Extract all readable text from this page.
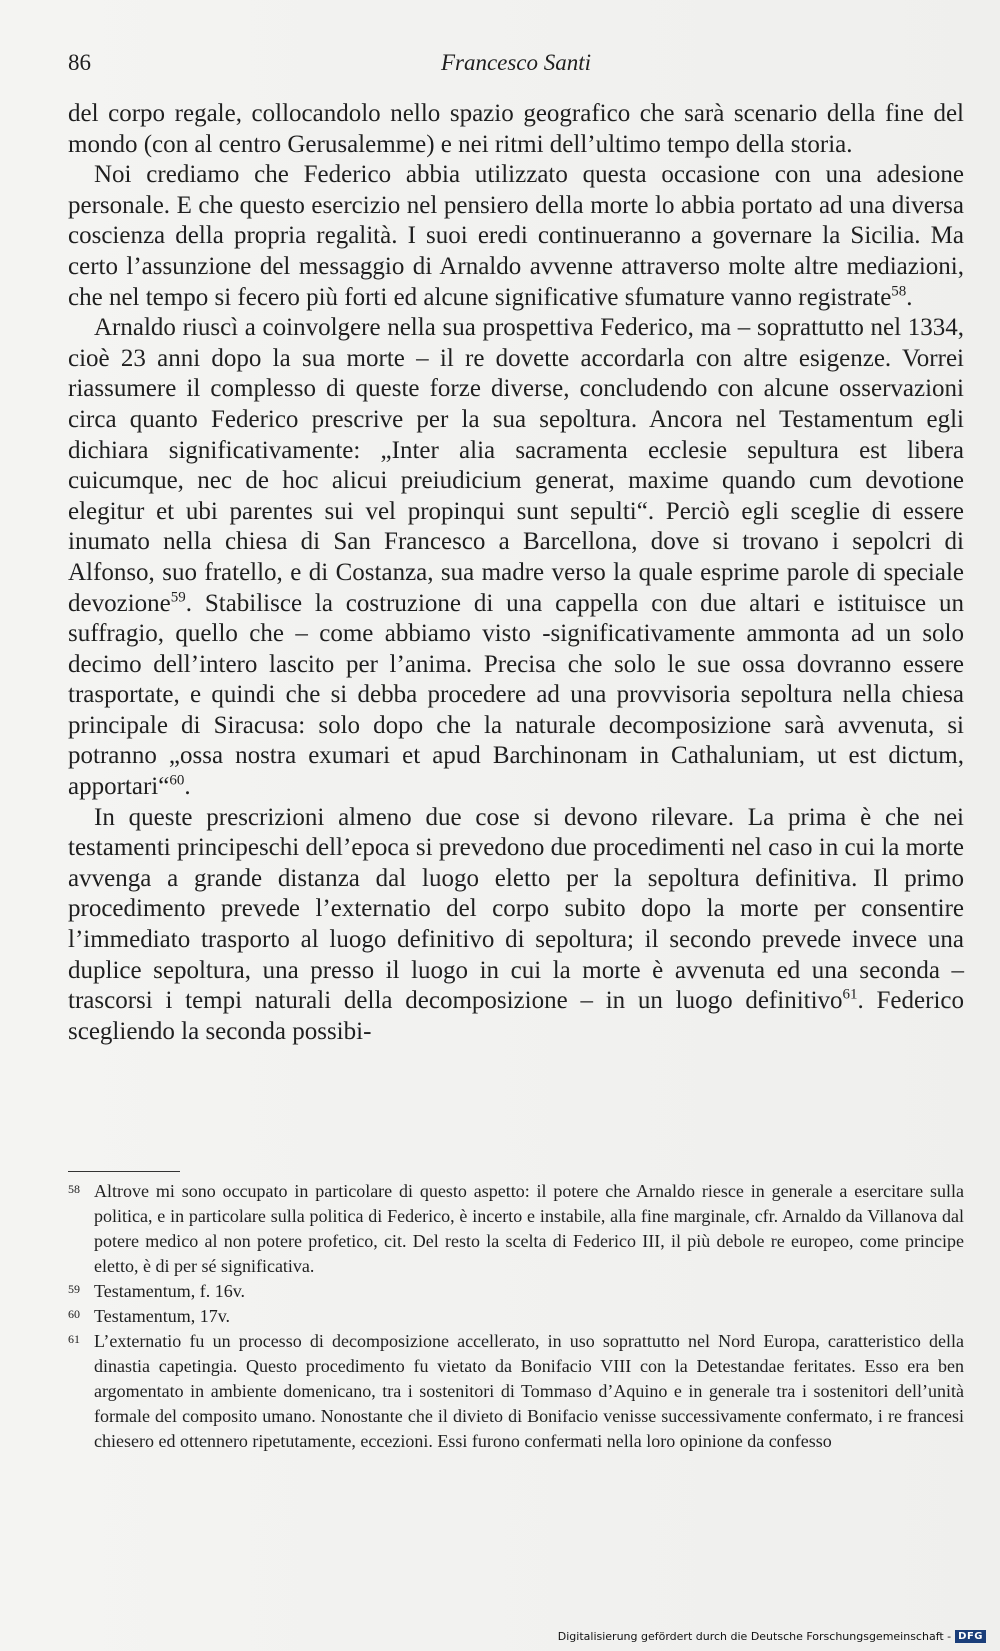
86	Francesco Santi

del corpo regale, collocandolo nello spazio geografico che sarà scenario della fine del mondo (con al centro Gerusalemme) e nei ritmi dell’ultimo tempo della storia.

Noi crediamo che Federico abbia utilizzato questa occasione con una adesione personale. E che questo esercizio nel pensiero della morte lo abbia portato ad una diversa coscienza della propria regalità. I suoi eredi continueranno a governare la Sicilia. Ma certo l’assunzione del messaggio di Arnaldo avvenne attraverso molte altre mediazioni, che nel tempo si fecero più forti ed alcune significative sfumature vanno registrate$^{58}$.

Arnaldo riuscì a coinvolgere nella sua prospettiva Federico, ma – soprattutto nel 1334, cioè 23 anni dopo la sua morte – il re dovette accordarla con altre esigenze. Vorrei riassumere il complesso di queste forze diverse, concludendo con alcune osservazioni circa quanto Federico prescrive per la sua sepoltura. Ancora nel Testamentum egli dichiara significativamente: „Inter alia sacramenta ecclesie sepultura est libera cuicumque, nec de hoc alicui preiudicium generat, maxime quando cum devotione elegitur et ubi parentes sui vel propinqui sunt sepulti“. Perciò egli sceglie di essere inumato nella chiesa di San Francesco a Barcellona, dove si trovano i sepolcri di Alfonso, suo fratello, e di Costanza, sua madre verso la quale esprime parole di speciale devozione$^{59}$. Stabilisce la costruzione di una cappella con due altari e istituisce un suffragio, quello che – come abbiamo visto -significativamente ammonta ad un solo decimo dell’intero lascito per l’anima. Precisa che solo le sue ossa dovranno essere trasportate, e quindi che si debba procedere ad una provvisoria sepoltura nella chiesa principale di Siracusa: solo dopo che la naturale decomposizione sarà avvenuta, si potranno „ossa nostra exumari et apud Barchinonam in Cathaluniam, ut est dictum, apportari“$^{60}$.

In queste prescrizioni almeno due cose si devono rilevare. La prima è che nei testamenti principeschi dell’epoca si prevedono due procedimenti nel caso in cui la morte avvenga a grande distanza dal luogo eletto per la sepoltura definitiva. Il primo procedimento prevede l’externatio del corpo subito dopo la morte per consentire l’immediato trasporto al luogo definitivo di sepoltura; il secondo prevede invece una duplice sepoltura, una presso il luogo in cui la morte è avvenuta ed una seconda – trascorsi i tempi naturali della decomposizione – in un luogo definitivo$^{61}$. Federico scegliendo la seconda possibi-

58 Altrove mi sono occupato in particolare di questo aspetto: il potere che Arnaldo riesce in generale a esercitare sulla politica, e in particolare sulla politica di Federico, è incerto e instabile, alla fine marginale, cfr. Arnaldo da Villanova dal potere medico al non potere profetico, cit. Del resto la scelta di Federico III, il più debole re europeo, come principe eletto, è di per sé significativa.
59 Testamentum, f. 16v.
60 Testamentum, 17v.
61 L’externatio fu un processo di decomposizione accellerato, in uso soprattutto nel Nord Europa, caratteristico della dinastia capetingia. Questo procedimento fu vietato da Bonifacio VIII con la Detestandae feritates. Esso era ben argomentato in ambiente domenicano, tra i sostenitori di Tommaso d’Aquino e in generale tra i sostenitori dell’unità formale del composito umano. Nonostante che il divieto di Bonifacio venisse successivamente confermato, i re francesi chiesero ed ottennero ripetutamente, eccezioni. Essi furono confermati nella loro opinione da confesso
Digitalisierung gefördert durch die Deutsche Forschungsgemeinschaft - DFG
